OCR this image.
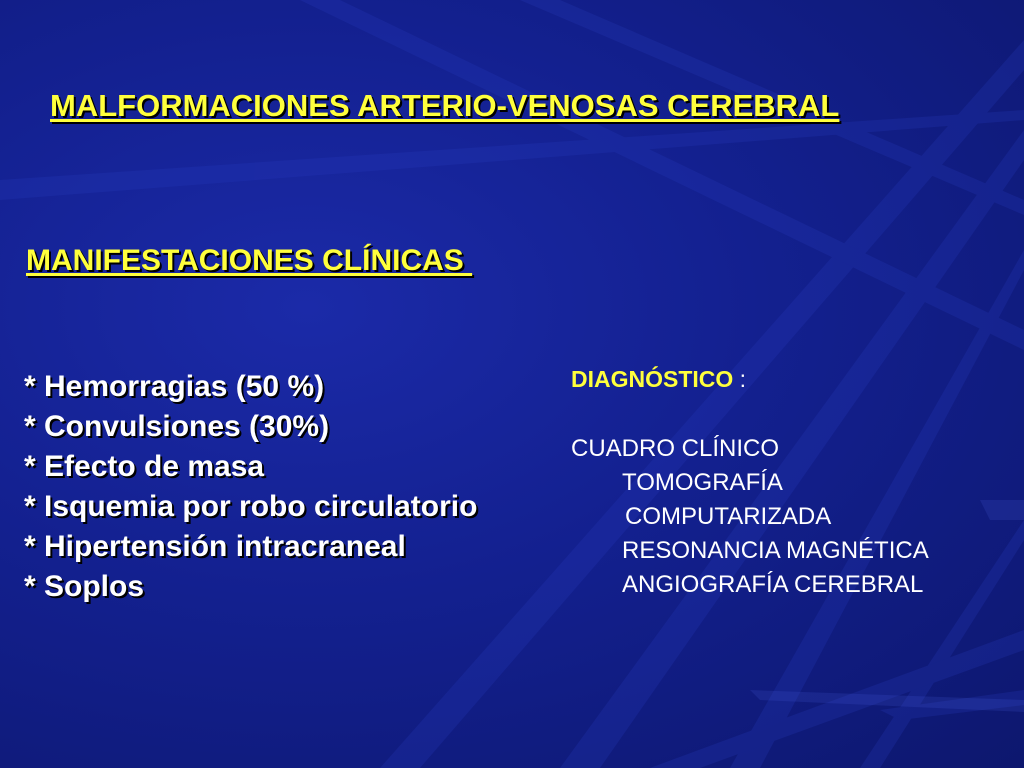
MALFORMACIONES ARTERIO-VENOSAS CEREBRAL
MANIFESTACIONES CLÍNICAS
* Hemorragias (50 %)
* Convulsiones (30%)
* Efecto de masa
* Isquemia por robo circulatorio
* Hipertensión intracraneal
* Soplos
DIAGNÓSTICO :
CUADRO CLÍNICO
TOMOGRAFÍA
COMPUTARIZADA
RESONANCIA MAGNÉTICA
ANGIOGRAFÍA CEREBRAL
